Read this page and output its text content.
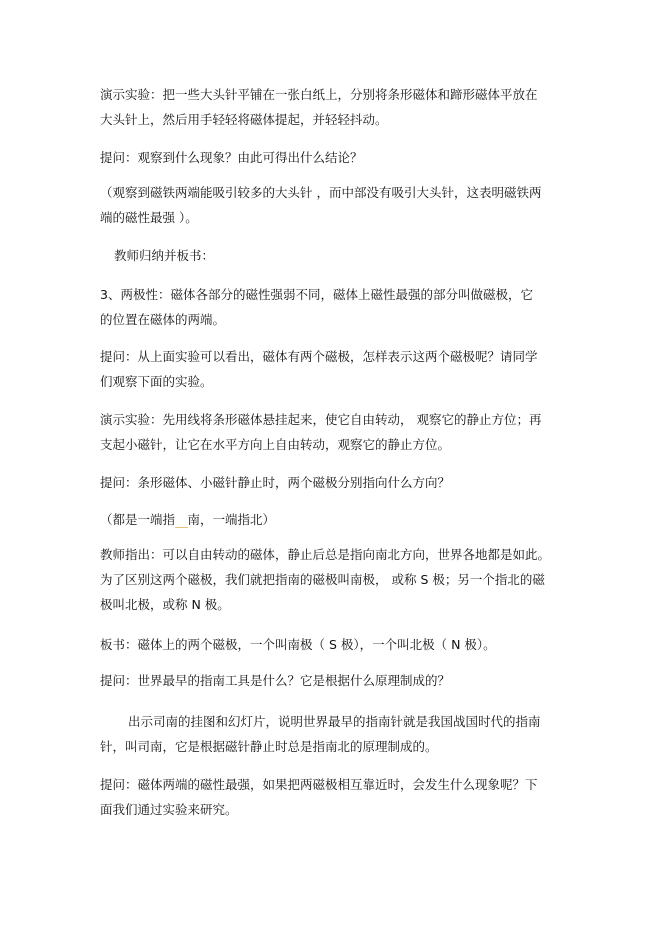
演示实验：把一些大头针平铺在一张白纸上，分别将条形磁体和蹄形磁体平放在
大头针上，然后用手轻轻将磁体提起，并轻轻抖动。

提问：观察到什么现象？由此可得出什么结论？

（观察到磁铁两端能吸引较多的大头针 ，而中部没有吸引大头针，这表明磁铁两
端的磁性最强 ）。

教师归纳并板书：

3、两极性：磁体各部分的磁性强弱不同，磁体上磁性最强的部分叫做磁极，它
的位置在磁体的两端。

提问：从上面实验可以看出，磁体有两个磁极，怎样表示这两个磁极呢？请同学
们观察下面的实验。

演示实验：先用线将条形磁体悬挂起来，使它自由转动， 观察它的静止方位；再
支起小磁针，让它在水平方向上自由转动，观察它的静止方位。

提问：条形磁体、小磁针静止时，两个磁极分别指向什么方向？

（都是一端指  南，一端指北）

教师指出：可以自由转动的磁体，静止后总是指向南北方向，世界各地都是如此。
为了区别这两个磁极，我们就把指南的磁极叫南极， 或称 S 极；另一个指北的磁
极叫北极，或称 N 极。

板书：磁体上的两个磁极，一个叫南极（ S 极），一个叫北极（ N 极）。

提问：世界最早的指南工具是什么？它是根据什么原理制成的？

出示司南的挂图和幻灯片，说明世界最早的指南针就是我国战国时代的指南
针，叫司南，它是根据磁针静止时总是指南北的原理制成的。

提问：磁体两端的磁性最强，如果把两磁极相互靠近时，会发生什么现象呢？下
面我们通过实验来研究。
